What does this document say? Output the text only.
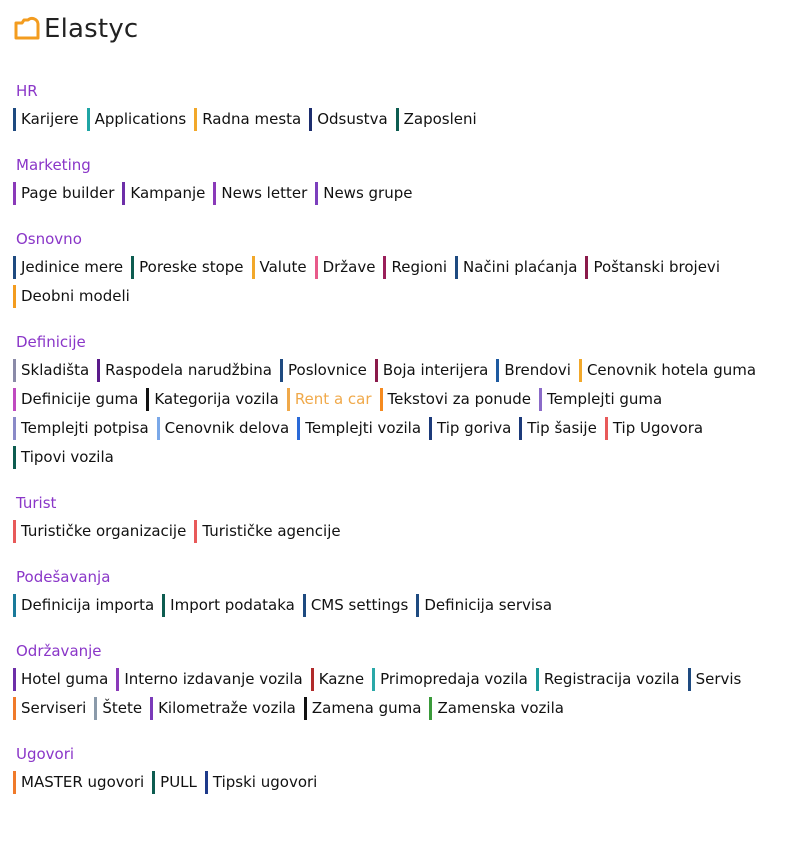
Elastyc
HR
Karijere	Applications	Radna mesta	Odsustva	Zaposleni
Marketing
Page builder	Kampanje	News letter	News grupe
Osnovno
Jedinice mere	Poreske stope	Valute	Države	Regioni	Načini plaćanja	Poštanski brojevi
Deobni modeli
Definicije
Skladišta	Raspodela narudžbina	Poslovnice	Boja interijera	Brendovi	Cenovnik hotela guma
Definicije guma	Kategorija vozila	Rent a car	Tekstovi za ponude	Templejti guma
Templejti potpisa	Cenovnik delova	Templejti vozila	Tip goriva	Tip šasije	Tip Ugovora
Tipovi vozila
Turist
Turističke organizacije	Turističke agencije
Podešavanja
Definicija importa	Import podataka	CMS settings	Definicija servisa
Održavanje
Hotel guma	Interno izdavanje vozila	Kazne	Primopredaja vozila	Registracija vozila	Servis
Serviseri	Štete	Kilometraže vozila	Zamena guma	Zamenska vozila
Ugovori
MASTER ugovori	PULL	Tipski ugovori
